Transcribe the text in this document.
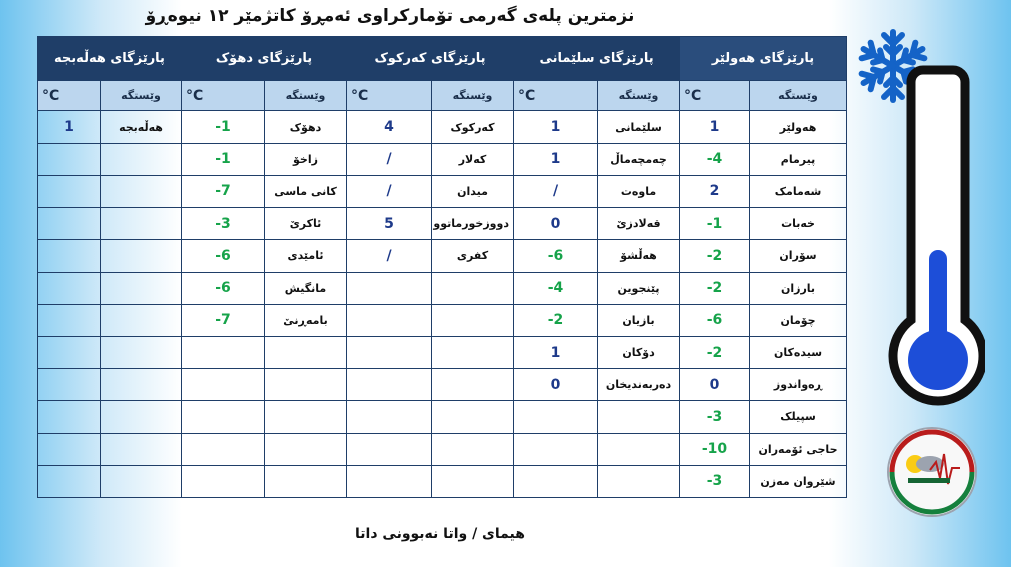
نزمترین پلەی گەرمی تۆمارکراوی ئەمڕۆ کاتژمێر ١٢ نیوەڕۆ
پارێزگای هەڵەبجە		پارێزگای دهۆک		پارێزگای کەرکوک		پارێزگای سلێمانی		پارێزگای هەولێر	
°C	وێستگە	°C	وێستگە	°C	وێستگە	°C	وێستگە	°C	وێستگە
1	هەڵەبجە	-1	دهۆک	4	کەرکوک	1	سلێمانی	1	هەولێر
		-1	زاخۆ	/	کەلار	1	چەمچەماڵ	-4	پیرمام
		-7	کانی ماسی	/	میدان	/	ماوەت	2	شەمامک
		-3	ئاکرێ	5	دووزخورماتوو	0	قەلادزێ	-1	خەبات
		-6	ئامێدی	/	کفری	-6	هەڵشۆ	-2	سۆران
		-6	مانگیش			-4	پێنجوین	-2	بارزان
		-7	بامەڕنێ			-2	بازیان	-6	چۆمان
						1	دۆکان	-2	سیدەکان
						0	دەربەندیخان	0	ڕەواندوز
								-3	سپیلک
								-10	حاجی ئۆمەران
								-3	شێروان مەزن
هیمای / واتا نەبوونی داتا
